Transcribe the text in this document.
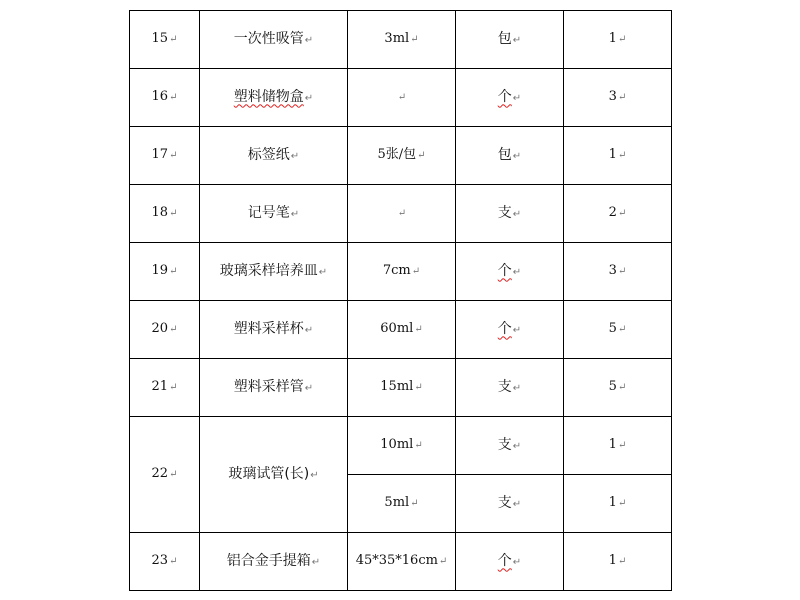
15↵	一次性吸管↵	3ml↵	包↵	1↵
16↵	塑料储物盒↵	↵	个↵	3↵
17↵	标签纸↵	5张/包↵	包↵	1↵
18↵	记号笔↵	↵	支↵	2↵
19↵	玻璃采样培养皿↵	7cm↵	个↵	3↵
20↵	塑料采样杯↵	60ml↵	个↵	5↵
21↵	塑料采样管↵	15ml↵	支↵	5↵
22↵	玻璃试管(长)↵	10ml↵	支↵	1↵
		5ml↵	支↵	1↵
23↵	铝合金手提箱↵	45*35*16cm↵	个↵	1↵
